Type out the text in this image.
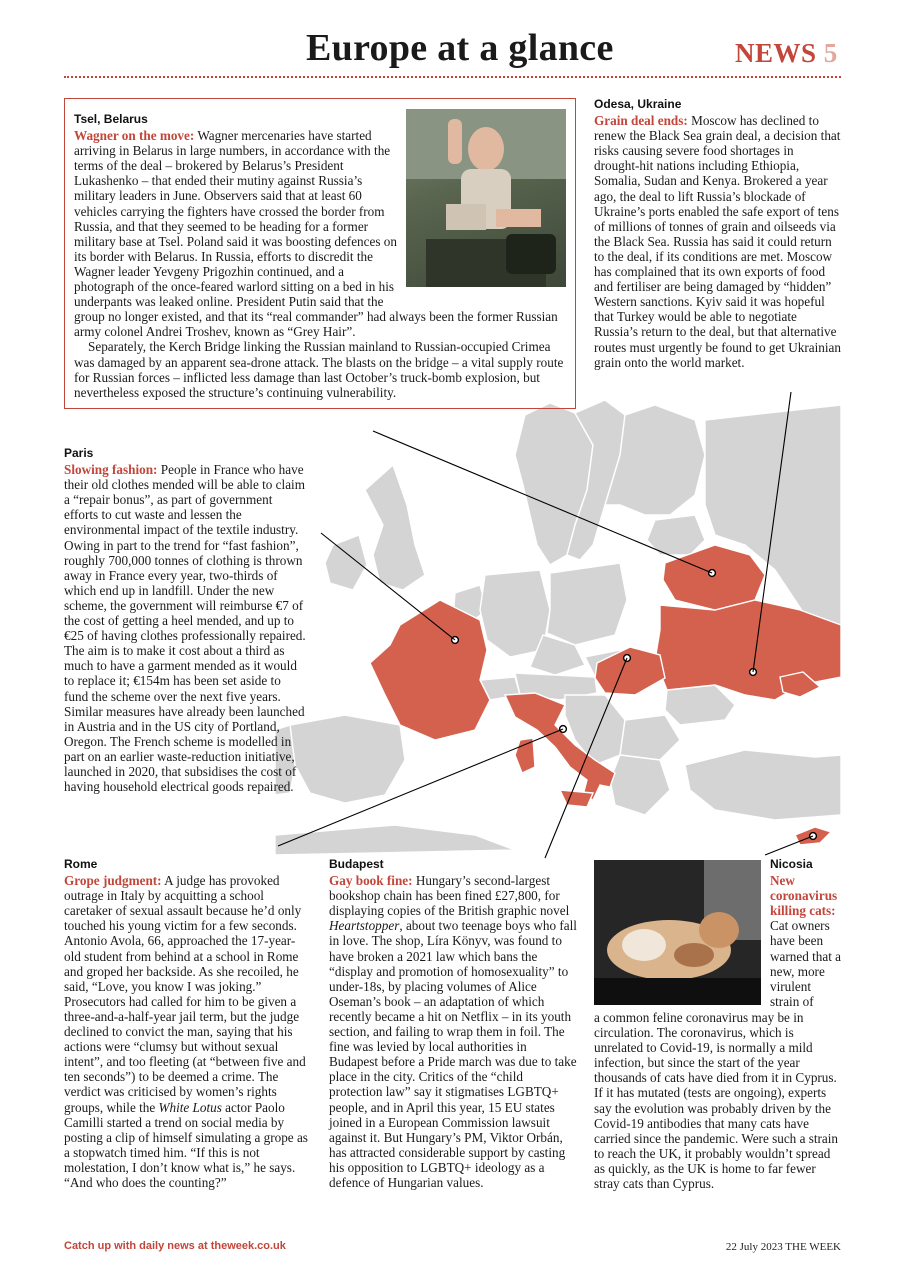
Europe at a glance	NEWS 5
Tsel, Belarus

Wagner on the move: Wagner mercenaries have started arriving in Belarus in large numbers, in accordance with the terms of the deal – brokered by Belarus’s President Lukashenko – that ended their mutiny against Russia’s military leaders in June. Observers said that at least 60 vehicles carrying the fighters have crossed the border from Russia, and that they seemed to be heading for a former military base at Tsel. Poland said it was boosting defences on its border with Belarus. In Russia, efforts to discredit the Wagner leader Yevgeny Prigozhin continued, and a photograph of the once-feared warlord sitting on a bed in his underpants was leaked online. President Putin said that the group no longer existed, and that its “real commander” had always been the former Russian army colonel Andrei Troshev, known as “Grey Hair”.

Separately, the Kerch Bridge linking the Russian mainland to Russian-occupied Crimea was damaged by an apparent sea-drone attack. The blasts on the bridge – a vital supply route for Russian forces – inflicted less damage than last October’s truck-bomb explosion, but nevertheless exposed the structure’s continuing vulnerability.

Odesa, Ukraine

Grain deal ends: Moscow has declined to renew the Black Sea grain deal, a decision that risks causing severe food shortages in drought-hit nations including Ethiopia, Somalia, Sudan and Kenya. Brokered a year ago, the deal to lift Russia’s blockade of Ukraine’s ports enabled the safe export of tens of millions of tonnes of grain and oilseeds via the Black Sea. Russia has said it could return to the deal, if its conditions are met. Moscow has complained that its own exports of food and fertiliser are being damaged by “hidden” Western sanctions. Kyiv said it was hopeful that Turkey would be able to negotiate Russia’s return to the deal, but that alternative routes must urgently be found to get Ukrainian grain onto the world market.

Paris

Slowing fashion: People in France who have their old clothes mended will be able to claim a “repair bonus”, as part of government efforts to cut waste and lessen the environmental impact of the textile industry. Owing in part to the trend for “fast fashion”, roughly 700,000 tonnes of clothing is thrown away in France every year, two-thirds of which end up in landfill. Under the new scheme, the government will reimburse €7 of the cost of getting a heel mended, and up to €25 of having clothes professionally repaired. The aim is to make it cost about a third as much to have a garment mended as it would to replace it; €154m has been set aside to fund the scheme over the next five years. Similar measures have already been launched in Austria and in the US city of Portland, Oregon. The French scheme is modelled in part on an earlier waste-reduction initiative, launched in 2020, that subsidises the cost of having household electrical goods repaired.

Rome

Grope judgment: A judge has provoked outrage in Italy by acquitting a school caretaker of sexual assault because he’d only touched his young victim for a few seconds. Antonio Avola, 66, approached the 17-year-old student from behind at a school in Rome and groped her backside. As she recoiled, he said, “Love, you know I was joking.” Prosecutors had called for him to be given a three-and-a-half-year jail term, but the judge declined to convict the man, saying that his actions were “clumsy but without sexual intent”, and too fleeting (at “between five and ten seconds”) to be deemed a crime. The verdict was criticised by women’s rights groups, while the White Lotus actor Paolo Camilli started a trend on social media by posting a clip of himself simulating a grope as a stopwatch timed him. “If this is not molestation, I don’t know what is,” he says. “And who does the counting?”

Budapest

Gay book fine: Hungary’s second-largest bookshop chain has been fined £27,800, for displaying copies of the British graphic novel Heartstopper, about two teenage boys who fall in love. The shop, Líra Könyv, was found to have broken a 2021 law which bans the “display and promotion of homosexuality” to under-18s, by placing volumes of Alice Oseman’s book – an adaptation of which recently became a hit on Netflix – in its youth section, and failing to wrap them in foil. The fine was levied by local authorities in Budapest before a Pride march was due to take place in the city. Critics of the “child protection law” say it stigmatises LGBTQ+ people, and in April this year, 15 EU states joined in a European Commission lawsuit against it. But Hungary’s PM, Viktor Orbán, has attracted considerable support by casting his opposition to LGBTQ+ ideology as a defence of Hungarian values.

Nicosia

New coronavirus killing cats: Cat owners have been warned that a new, more virulent strain of

a common feline coronavirus may be in circulation. The coronavirus, which is unrelated to Covid-19, is normally a mild infection, but since the start of the year thousands of cats have died from it in Cyprus. If it has mutated (tests are ongoing), experts say the evolution was probably driven by the Covid-19 antibodies that many cats have carried since the pandemic. Were such a strain to reach the UK, it probably wouldn’t spread as quickly, as the UK is home to far fewer stray cats than Cyprus.

Catch up with daily news at theweek.co.uk	22 July 2023 THE WEEK
